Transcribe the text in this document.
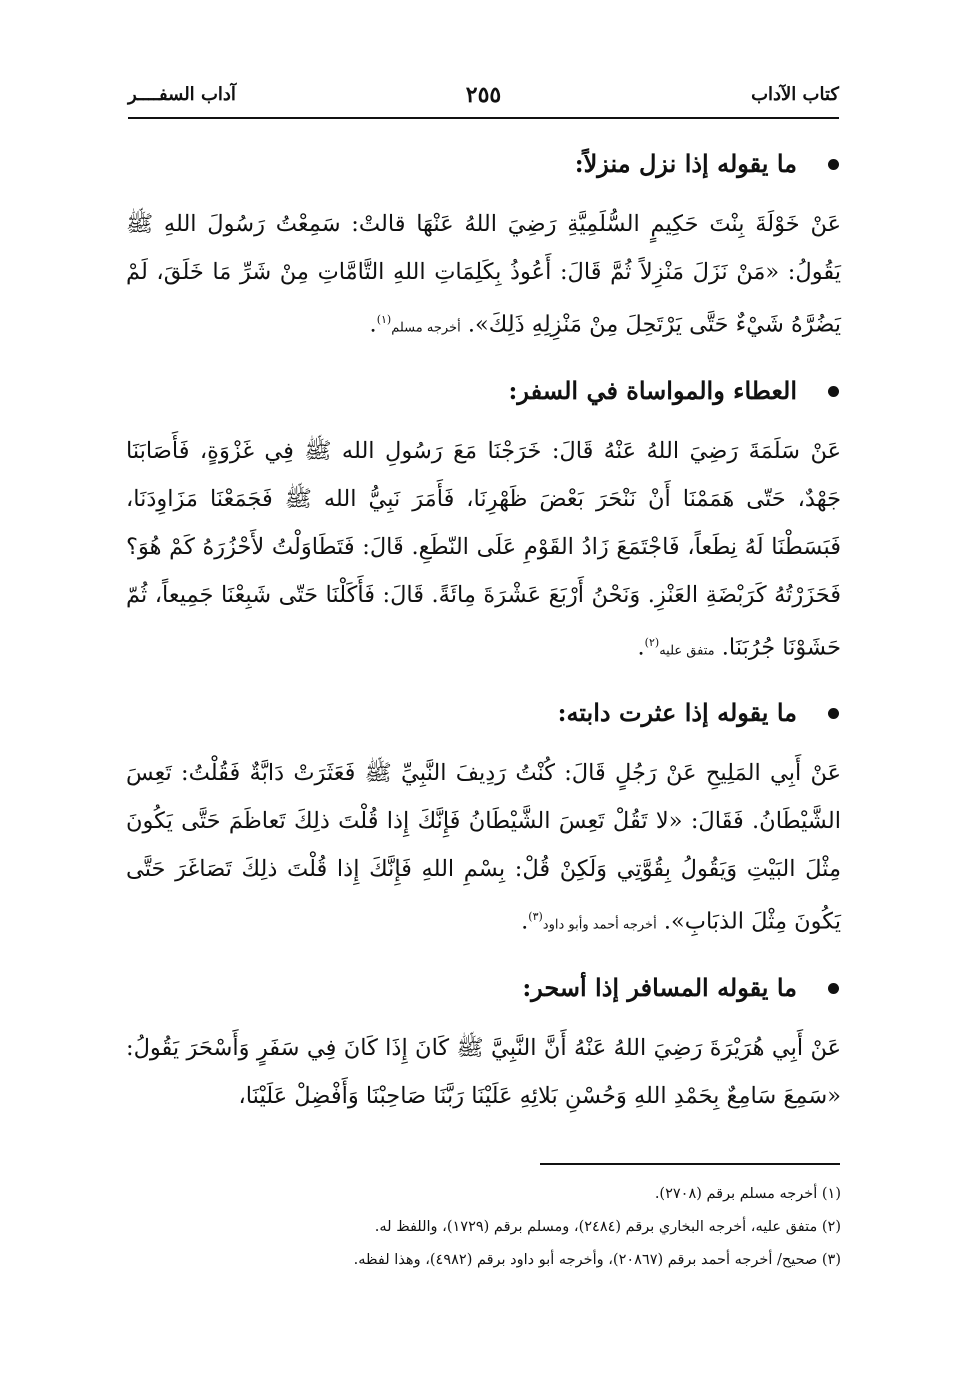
كتاب الآداب
٢٥٥
آداب السفــــر
ما يقوله إذا نزل منزلاً:
عَنْ خَوْلَةَ بِنْتَ حَكِيمٍ السُّلَمِيَّةِ رَضِيَ اللهُ عَنْهَا قالتْ: سَمِعْتُ رَسُولَ اللهِ ﷺ يَقُولُ: «مَنْ نَزَلَ مَنْزِلاً ثُمَّ قَالَ: أَعُوذُ بِكَلِمَاتِ اللهِ التَّامَّاتِ مِنْ شَرِّ مَا خَلَقَ، لَمْ يَضُرَّهُ شَيْءٌ حَتَّى يَرْتَحِلَ مِنْ مَنْزِلِهِ ذَلِكَ». أخرجه مسلم$^{(١)}$.
العطاء والمواساة في السفر:
عَنْ سَلَمَةَ رَضِيَ اللهُ عَنْهُ قَالَ: خَرَجْنَا مَعَ رَسُولِ الله ﷺ فِي غَزْوَةٍ، فَأَصَابَنَا جَهْدٌ، حَتّى هَمَمْنَا أَنْ نَنْحَرَ بَعْضَ ظَهْرِنَا، فَأَمَرَ نَبِيُّ الله ﷺ فَجَمَعْنَا مَزَاوِدَنَا، فَبَسَطْنَا لَهُ نِطَعاً، فَاجْتَمَعَ زَادُ القَوْمِ عَلَى النّطَعِ. قَالَ: فَتَطَاوَلْتُ لأَحْزُرَهُ كَمْ هُوَ؟ فَحَزَرْتُهُ كَرَبْضَةِ العَنْزِ. وَنَحْنُ أَرْبَعَ عَشْرَةَ مِائَةً. قَالَ: فَأَكَلْنَا حَتّى شَبِعْنَا جَمِيعاً، ثُمّ حَشَوْنَا جُرُبَنَا. متفق عليه$^{(٢)}$.
ما يقوله إذا عثرت دابته:
عَنْ أَبِي المَلِيحِ عَنْ رَجُلٍ قَالَ: كُنْتُ رَدِيفَ النَّبِيِّ ﷺ فَعَثَرَتْ دَابَّةٌ فَقُلْتُ: تَعِسَ الشَّيْطَانُ. فَقَالَ: «لا تَقُلْ تَعِسَ الشَّيْطَانُ فَإِنَّكَ إِذا قُلْتَ ذلِكَ تَعاظَمَ حَتَّى يَكُونَ مِثْلَ البَيْتِ وَيَقُولُ بِقُوَّتِي وَلَكِنْ قُلْ: بِسْمِ اللهِ فَإِنَّكَ إِذا قُلْتَ ذلِكَ تَصَاغَرَ حَتَّى يَكُونَ مِثْلَ الذبَابِ». أخرجه أحمد وأبو داود$^{(٣)}$.
ما يقوله المسافر إذا أسحر:
عَنْ أَبِي هُرَيْرَةَ رَضِيَ اللهُ عَنْهُ أَنَّ النَّبِيَّ ﷺ كَانَ إِذَا كَانَ فِي سَفَرٍ وَأَسْحَرَ يَقُولُ: «سَمِعَ سَامِعٌ بِحَمْدِ اللهِ وَحُسْنِ بَلائِهِ عَلَيْنَا رَبَّنَا صَاحِبْنَا وَأَفْضِلْ عَلَيْنَا،
(١) أخرجه مسلم برقم (٢٧٠٨).
(٢) متفق عليه، أخرجه البخاري برقم (٢٤٨٤)، ومسلم برقم (١٧٢٩)، واللفظ له.
(٣) صحيح/ أخرجه أحمد برقم (٢٠٨٦٧)، وأخرجه أبو داود برقم (٤٩٨٢)، وهذا لفظه.
